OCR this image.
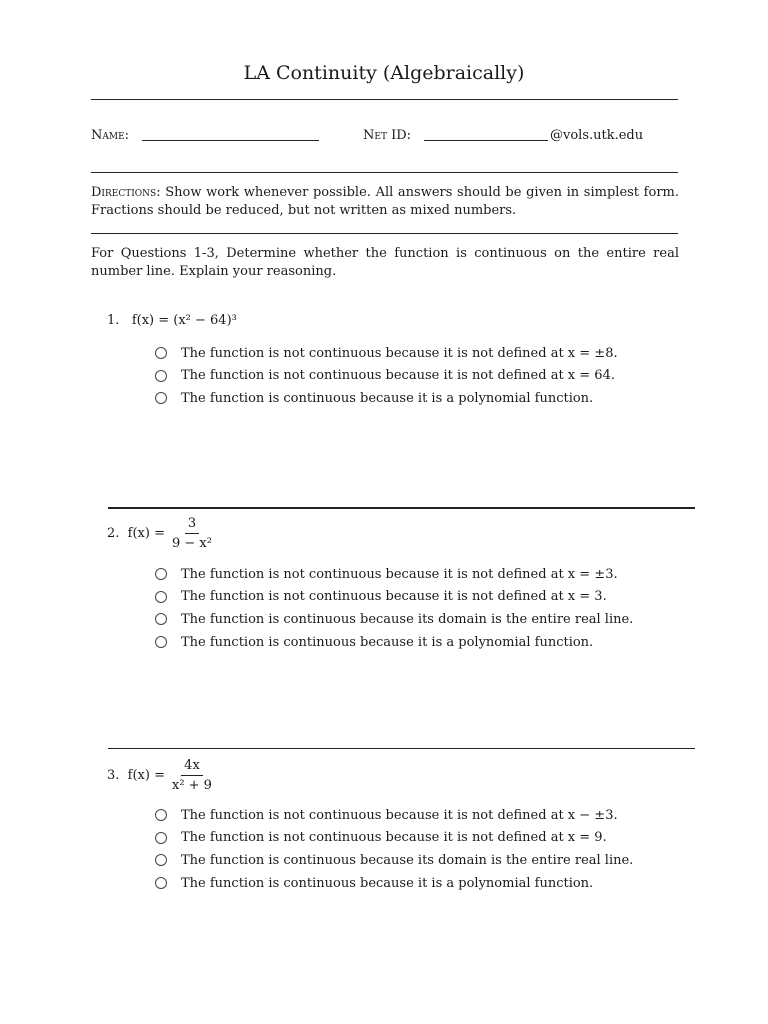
LA Continuity (Algebraically)
Name:	Net ID:	@vols.utk.edu
Directions: Show work whenever possible. All answers should be given in simplest form. Fractions should be reduced, but not written as mixed numbers.
For Questions 1-3, Determine whether the function is continuous on the entire real number line. Explain your reasoning.
1. f(x) = (x² − 64)³
The function is not continuous because it is not defined at x = ±8.
The function is not continuous because it is not defined at x = 64.
The function is continuous because it is a polynomial function.
2.
$f(x) = \frac{3}{\text{9 − x²}}$
The function is not continuous because it is not defined at x = ±3.
The function is not continuous because it is not defined at x = 3.
The function is continuous because its domain is the entire real line.
The function is continuous because it is a polynomial function.
3.
$f(x) = \frac{4x}{\text{x² + 9}}$
The function is not continuous because it is not defined at x − ±3.
The function is not continuous because it is not defined at x = 9.
The function is continuous because its domain is the entire real line.
The function is continuous because it is a polynomial function.
